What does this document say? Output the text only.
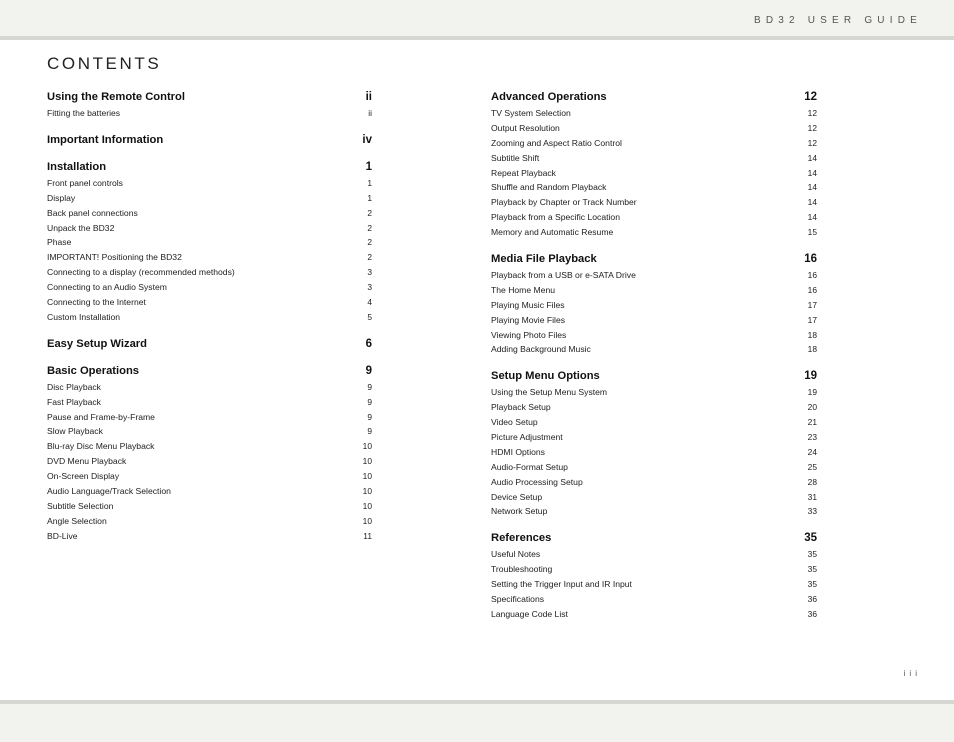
BD32 USER GUIDE
CONTENTS
Using the Remote Control	ii
Fitting the batteries	ii
Important Information	iv
Installation	1
Front panel controls	1
Display	1
Back panel connections	2
Unpack the BD32	2
Phase	2
IMPORTANT! Positioning the BD32	2
Connecting to a display (recommended methods)	3
Connecting to an Audio System	3
Connecting to the Internet	4
Custom Installation	5
Easy Setup Wizard	6
Basic Operations	9
Disc Playback	9
Fast Playback	9
Pause and Frame-by-Frame	9
Slow Playback	9
Blu-ray Disc Menu Playback	10
DVD Menu Playback	10
On-Screen Display	10
Audio Language/Track Selection	10
Subtitle Selection	10
Angle Selection	10
BD-Live	11
Advanced Operations	12
TV System Selection	12
Output Resolution	12
Zooming and Aspect Ratio Control	12
Subtitle Shift	14
Repeat Playback	14
Shuffle and Random Playback	14
Playback by Chapter or Track Number	14
Playback from a Specific Location	14
Memory and Automatic Resume	15
Media File Playback	16
Playback from a USB or e-SATA Drive	16
The Home Menu	16
Playing Music Files	17
Playing Movie Files	17
Viewing Photo Files	18
Adding Background Music	18
Setup Menu Options	19
Using the Setup Menu System	19
Playback Setup	20
Video Setup	21
Picture Adjustment	23
HDMI Options	24
Audio-Format Setup	25
Audio Processing Setup	28
Device Setup	31
Network Setup	33
References	35
Useful Notes	35
Troubleshooting	35
Setting the Trigger Input and IR Input	35
Specifications	36
Language Code List	36
iii
